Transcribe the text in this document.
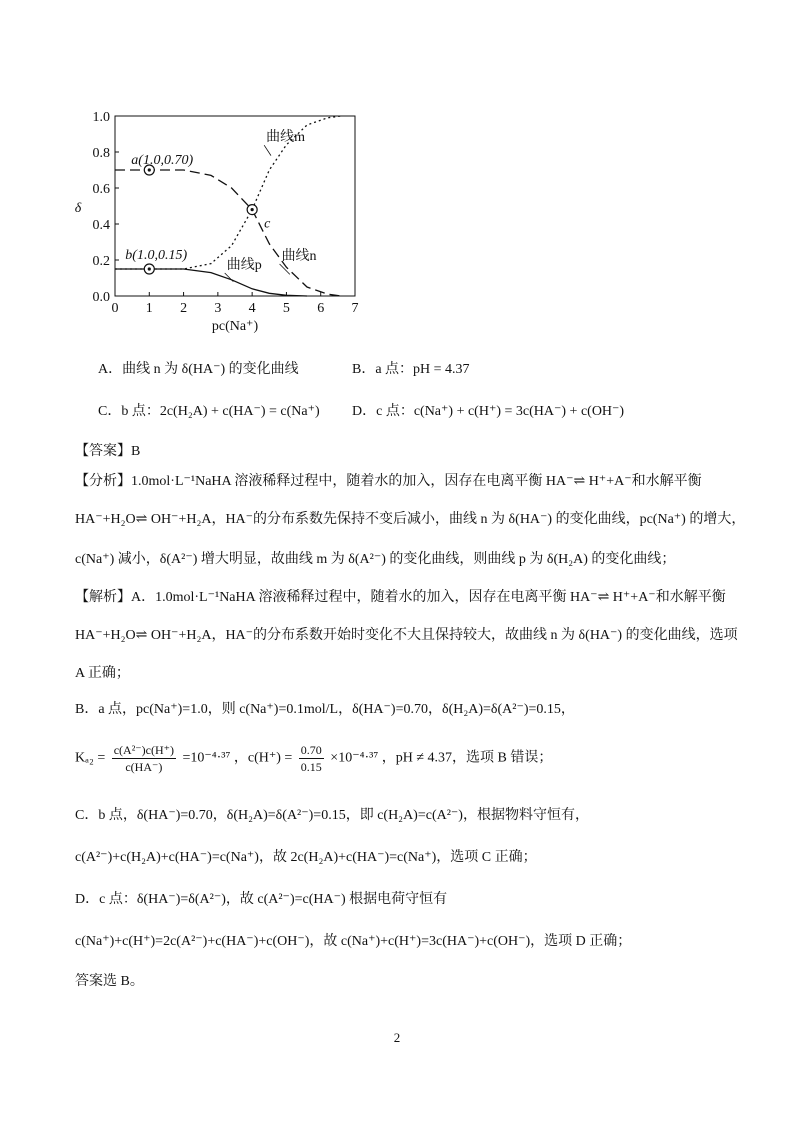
0 1 2 3 4 5 6 7
0.0
0.2
0.4
0.6
0.8
1.0
pc(Na⁺)
δ
曲线m
曲线n
曲线p
a(1.0,0.70)
b(1.0,0.15)
c
A．曲线 n 为 δ(HA⁻) 的变化曲线	B．a 点：pH = 4.37
C．b 点：2c(H₂A) + c(HA⁻) = c(Na⁺) D．c 点：c(Na⁺) + c(H⁺) = 3c(HA⁻) + c(OH⁻)
【答案】B
【分析】1.0mol·L⁻¹NaHA 溶液稀释过程中，随着水的加入，因存在电离平衡 HA⁻⇌ H⁺+A⁻和水解平衡
HA⁻+H₂O⇌ OH⁻+H₂A，HA⁻的分布系数先保持不变后减小，曲线 n 为 δ(HA⁻) 的变化曲线，pc(Na⁺) 的增大，
c(Na⁺) 减小，δ(A²⁻) 增大明显，故曲线 m 为 δ(A²⁻) 的变化曲线，则曲线 p 为 δ(H₂A) 的变化曲线；
【解析】A．1.0mol·L⁻¹NaHA 溶液稀释过程中，随着水的加入，因存在电离平衡 HA⁻⇌ H⁺+A⁻和水解平衡
HA⁻+H₂O⇌ OH⁻+H₂A，HA⁻的分布系数开始时变化不大且保持较大，故曲线 n 为 δ(HA⁻) 的变化曲线，选项
A 正确；
B．a 点，pc(Na⁺)=1.0，则 c(Na⁺)=0.1mol/L，δ(HA⁻)=0.70，δ(H₂A)=δ(A²⁻)=0.15，
$K_{a2} = \frac{\text{c(A²⁻)c(H⁺)}}{c(HA^-)} =10^{-4}\cdot^{37}$ ，$c(H^+) = \frac{0.70}{0.15} \times 10^{-4}\cdot^{37}$ ，pH ≠ 4.37，选项 B 错误；
C．b 点，δ(HA⁻)=0.70，δ(H₂A)=δ(A²⁻)=0.15，即 c(H₂A)=c(A²⁻)，根据物料守恒有，
c(A²⁻)+c(H₂A)+c(HA⁻)=c(Na⁺)，故 2c(H₂A)+c(HA⁻)=c(Na⁺)，选项 C 正确；
D．c 点：δ(HA⁻)=δ(A²⁻)，故 c(A²⁻)=c(HA⁻) 根据电荷守恒有
c(Na⁺)+c(H⁺)=2c(A²⁻)+c(HA⁻)+c(OH⁻)，故 c(Na⁺)+c(H⁺)=3c(HA⁻)+c(OH⁻)，选项 D 正确；
答案选 B。
2
